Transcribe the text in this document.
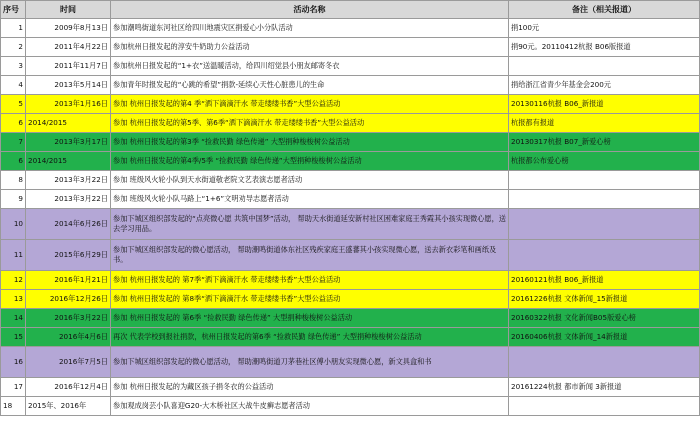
序号	时间	活动名称	备注（相关报道）
1	2009年8月13日	参加潮鸣街道东河社区给四川地震灾区捐爱心小分队活动	捐100元
2	2011年4月22日	参加杭州日报发起的淳安牛奶助力公益活动	捐90元。20110412杭报 B06版报道
3	2011年11月7日	参加杭州日报发起的“1+衣”送温暖活动，给四川绍觉县小朋友邮寄冬衣	
4	2013年5月14日	参加青年时报发起的“心跳的希望”捐款-延续心天性心脏患儿的生命	捐给浙江省青少年基金会200元
5	2013年1月16日	参加 杭州日报发起的第4 季“洒下滴滴汗水 带走缕缕书香”大型公益活动	20130116杭报 B06_新报道
6	2014/2015	参加 杭州日报发起的第5季、第6季“洒下滴滴汗水 带走缕缕书香”大型公益活动	杭报都有报道
7	2013年3月17日	参加 杭州日报发起的第3季 “捡救民勤 绿色传递” 大型捐种梭梭树公益活动	20130317杭报 B07_新爱心榜
6	2014/2015	参加 杭州日报发起的第4季/5季 “捡救民勤 绿色传递”大型捐种梭梭树公益活动	杭报都公布爱心榜
8	2013年3月22日	参加 班级风火轮小队到天水街道敬老院文艺表演志愿者活动	
9	2013年3月22日	参加 班级风火轮小队马路上“1+6”文明劝导志愿者活动	
10	2014年6月26日	参加下城区组织部发起的“点亮微心愿 共筑中国梦”活动， 帮助天水街道延安新村社区困难家庭王秀霞其小孩实现微心愿，送去学习用品。	
11	2015年6月29日	参加下城区组织部发起的微心愿活动， 帮助潮鸣街道体东社区残疾家庭王盛蕃其小孩实现微心愿，送去新衣彩笔和画纸及书。	
12	2016年1月21日	参加 杭州日报发起的 第7季“洒下滴滴汗水 带走缕缕书香”大型公益活动	20160121杭报 B06_新报道
13	2016年12月26日	参加 杭州日报发起的 第8季“洒下滴滴汗水 带走缕缕书香”大型公益活动	20161226杭报 文体新闻_15新报道
14	2016年3月22日	参加 杭州日报发起的 第6季 “捡救民勤 绿色传递” 大型捐种梭梭树公益活动	20160322杭报 文化新闻B05版爱心榜
15	2016年4月6日	再次 代表学校到报社捐款，杭州日报发起的第6季 “捡救民勤 绿色传递” 大型捐种梭梭树公益活动	20160406杭报 文体新闻_14新报道
16	2016年7月5日	参加下城区组织部发起的微心愿活动， 帮助潮鸣街道刀茅巷社区傅小朋友实现微心愿，新文具盒和书	
17	2016年12月4日	参加 杭州日报发起的为藏区孩子捐冬衣的公益活动	20161224杭报 都市新闻 3新报道
18	2015年、2016年	参加观成岗芸小队喜迎G20-大木桥社区大战牛皮癣志愿者活动	
